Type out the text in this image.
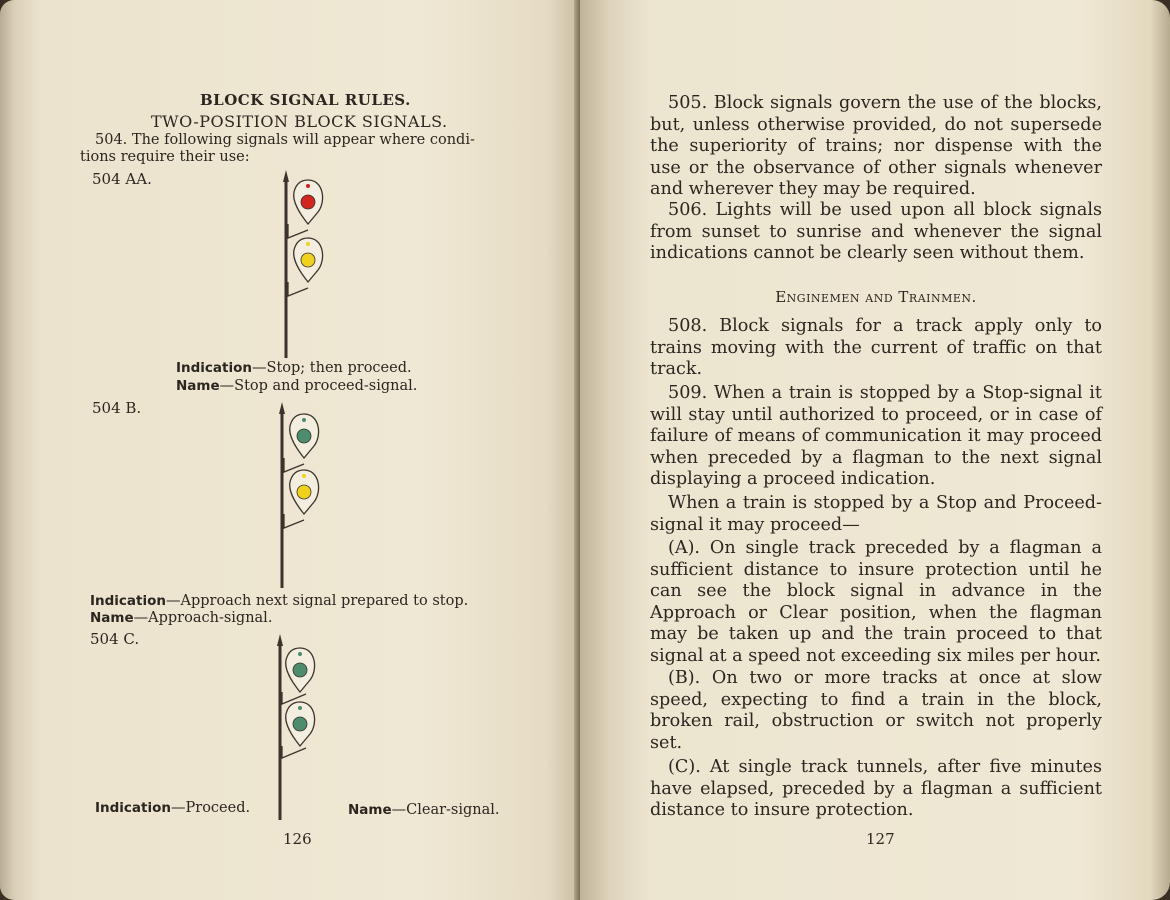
BLOCK SIGNAL RULES.
TWO-POSITION BLOCK SIGNALS.
504. The following signals will appear where condi-
tions require their use:
504 AA.
Indication—Stop; then proceed.
Name—Stop and proceed-signal.
504 B.
Indication—Approach next signal prepared to stop.
Name—Approach-signal.
504 C.
Indication—Proceed.	Name—Clear-signal.
126

505. Block signals govern the use of the blocks, but, unless otherwise provided, do not supersede the superiority of trains; nor dispense with the use or the observance of other signals whenever and wherever they may be required.

506. Lights will be used upon all block signals from sunset to sunrise and whenever the signal indications cannot be clearly seen without them.

Enginemen and Trainmen.

508. Block signals for a track apply only to trains moving with the current of traffic on that track.

509. When a train is stopped by a Stop-signal it will stay until authorized to proceed, or in case of failure of means of communication it may proceed when preceded by a flagman to the next signal displaying a proceed indication.

When a train is stopped by a Stop and Proceed-signal it may proceed—

(A). On single track preceded by a flagman a sufficient distance to insure protection until he can see the block signal in advance in the Approach or Clear position, when the flagman may be taken up and the train proceed to that signal at a speed not exceeding six miles per hour.

(B). On two or more tracks at once at slow speed, expecting to find a train in the block, broken rail, obstruction or switch not properly set.

(C). At single track tunnels, after five minutes have elapsed, preceded by a flagman a sufficient distance to insure protection.

127
